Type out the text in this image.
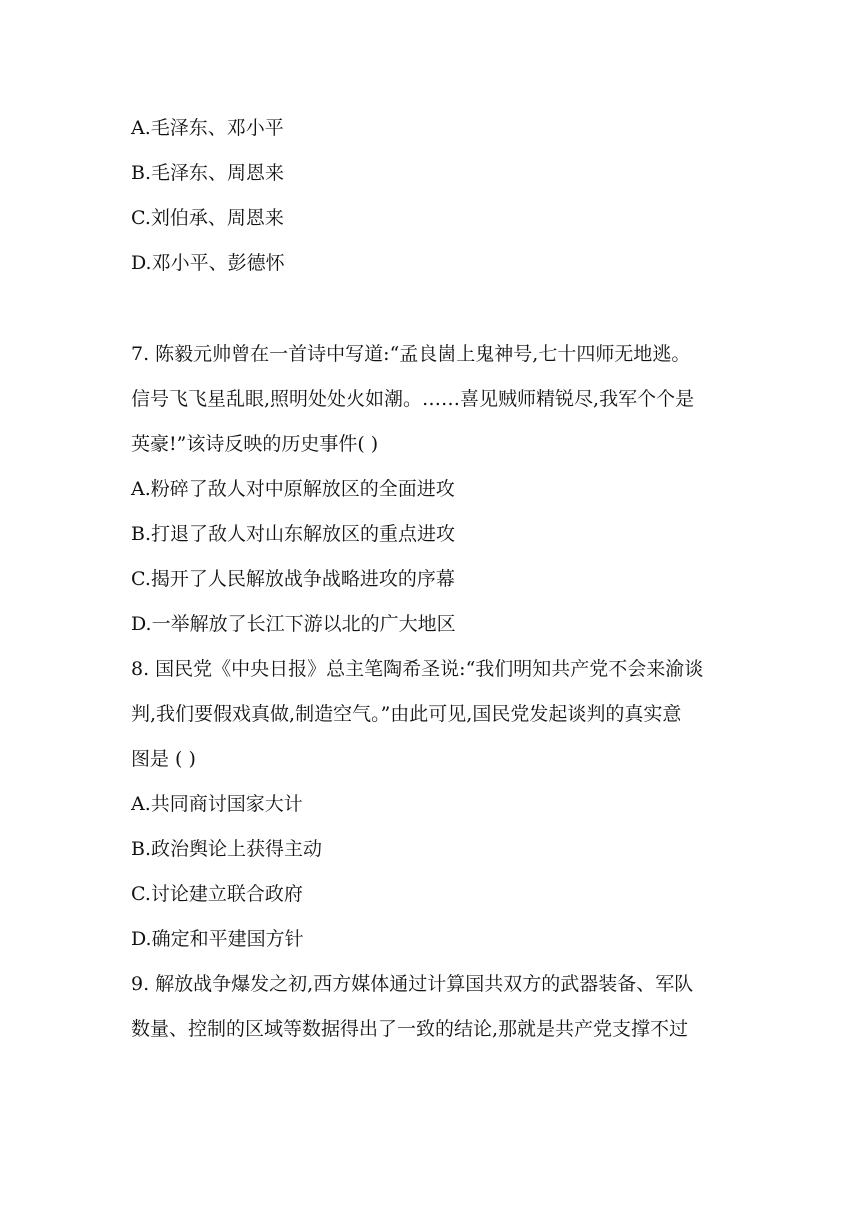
A.毛泽东、邓小平
B.毛泽东、周恩来
C.刘伯承、周恩来
D.邓小平、彭德怀
7. 陈毅元帅曾在一首诗中写道:“孟良崮上鬼神号,七十四师无地逃。
信号飞飞星乱眼,照明处处火如潮。……喜见贼师精锐尽,我军个个是
英豪!”该诗反映的历史事件( )
A.粉碎了敌人对中原解放区的全面进攻
B.打退了敌人对山东解放区的重点进攻
C.揭开了人民解放战争战略进攻的序幕
D.一举解放了长江下游以北的广大地区
8. 国民党《中央日报》总主笔陶希圣说:“我们明知共产党不会来渝谈
判,我们要假戏真做,制造空气。”由此可见,国民党发起谈判的真实意
图是 ( )
A.共同商讨国家大计
B.政治舆论上获得主动
C.讨论建立联合政府
D.确定和平建国方针
9. 解放战争爆发之初,西方媒体通过计算国共双方的武器装备、军队
数量、控制的区域等数据得出了一致的结论,那就是共产党支撑不过
